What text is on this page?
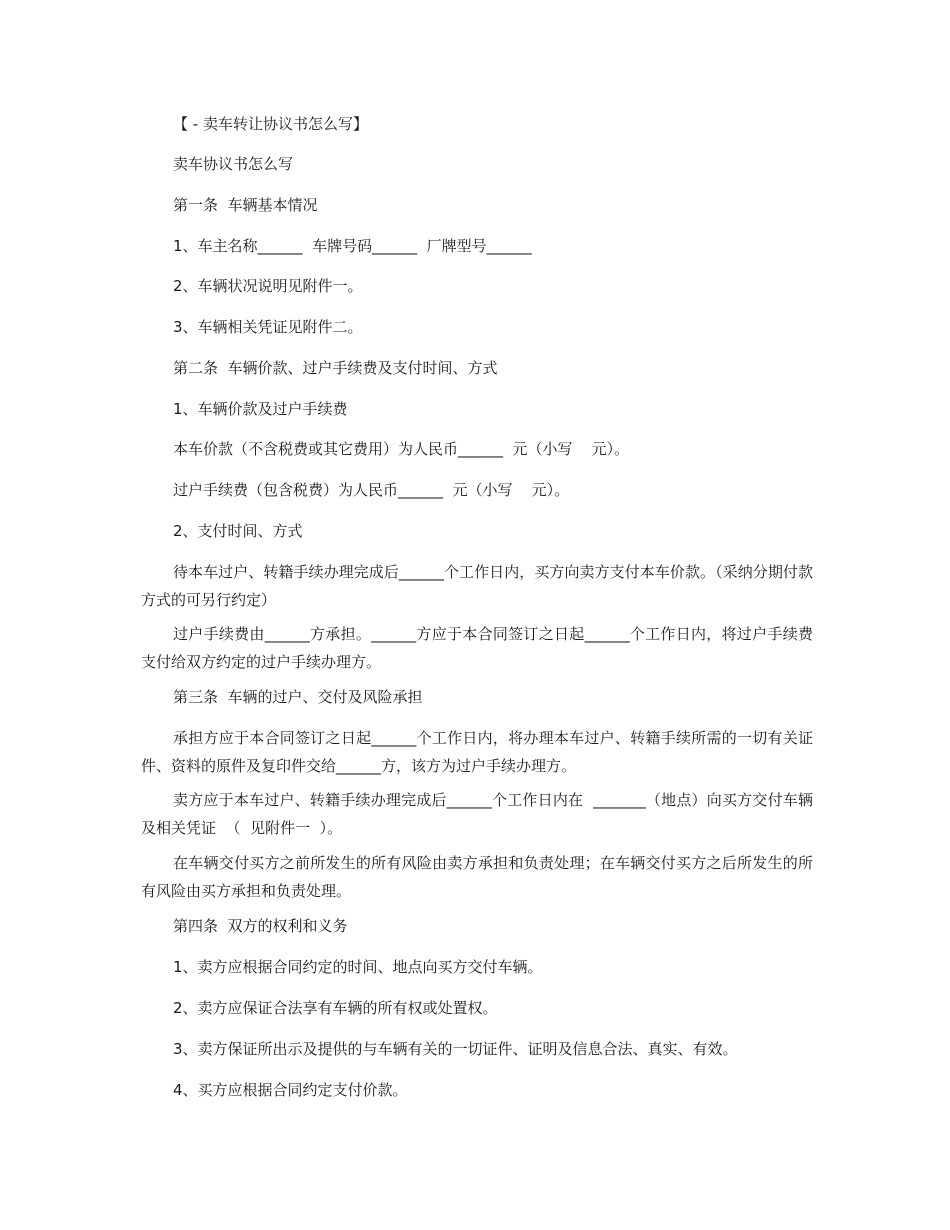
【 - 卖车转让协议书怎么写】

卖车协议书怎么写

第一条  车辆基本情况

1、车主名称______  车牌号码______  厂牌型号______

2、车辆状况说明见附件一。

3、车辆相关凭证见附件二。

第二条  车辆价款、过户手续费及支付时间、方式

1、车辆价款及过户手续费

本车价款（不含税费或其它费用）为人民币______  元（小写    元）。

过户手续费（包含税费）为人民币______  元（小写    元）。

2、支付时间、方式

待本车过户、转籍手续办理完成后______个工作日内，买方向卖方支付本车价款。（采纳分期付款方式的可另行约定）

过户手续费由______方承担。______方应于本合同签订之日起______个工作日内，将过户手续费支付给双方约定的过户手续办理方。

第三条  车辆的过户、交付及风险承担

承担方应于本合同签订之日起______个工作日内，将办理本车过户、转籍手续所需的一切有关证件、资料的原件及复印件交给______方，该方为过户手续办理方。

卖方应于本车过户、转籍手续办理完成后______个工作日内在  _______（地点）向买方交付车辆及相关凭证  （  见附件一  ）。

在车辆交付买方之前所发生的所有风险由卖方承担和负责处理；在车辆交付买方之后所发生的所有风险由买方承担和负责处理。

第四条  双方的权利和义务

1、卖方应根据合同约定的时间、地点向买方交付车辆。

2、卖方应保证合法享有车辆的所有权或处置权。

3、卖方保证所出示及提供的与车辆有关的一切证件、证明及信息合法、真实、有效。

4、买方应根据合同约定支付价款。
